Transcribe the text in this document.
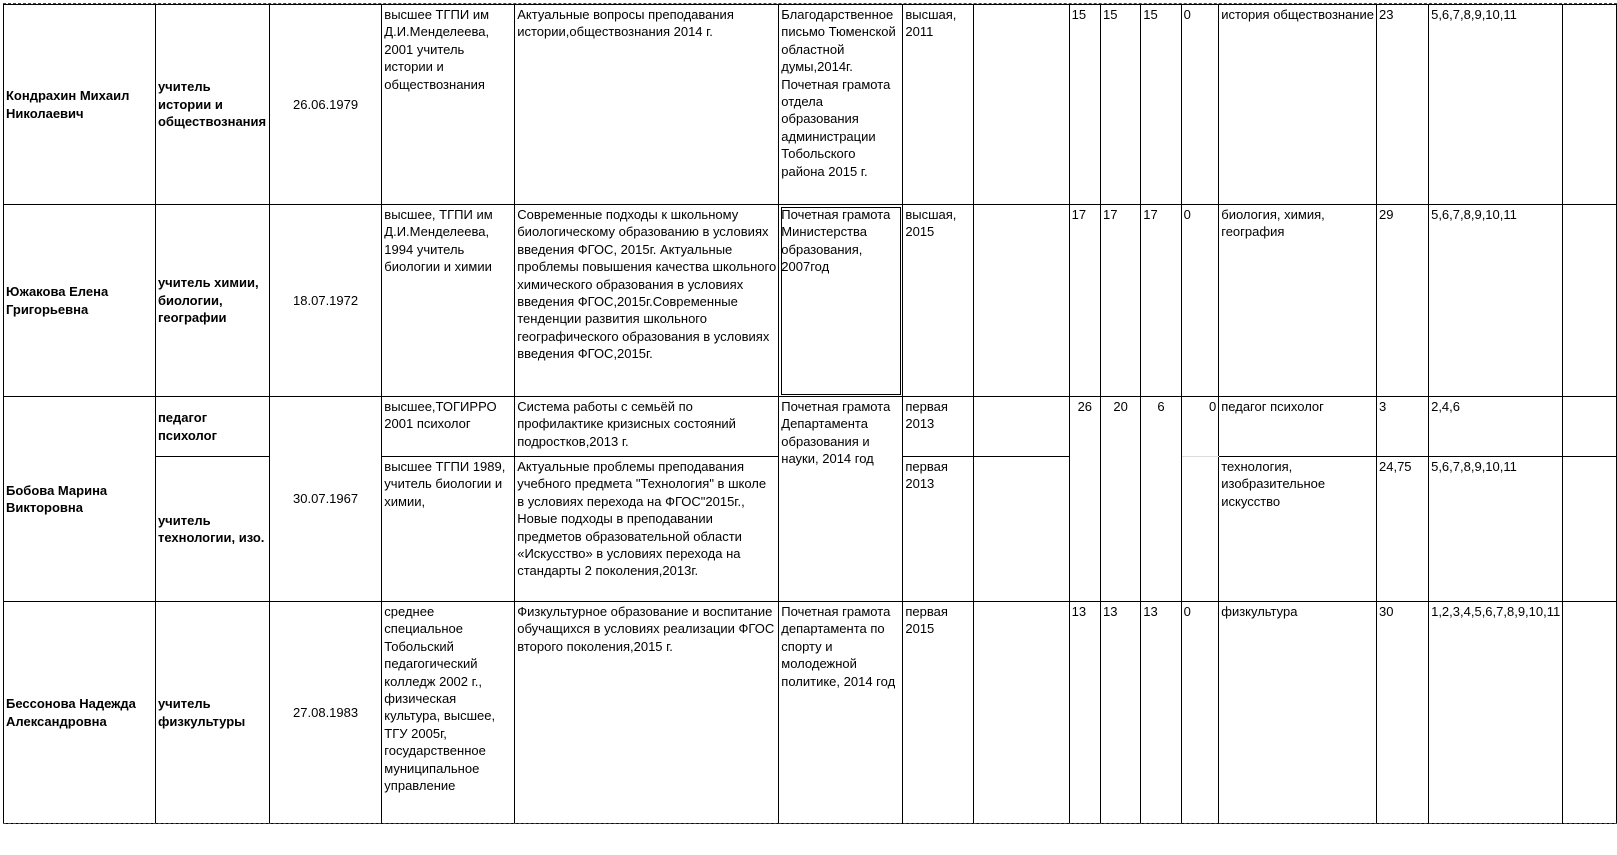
Кондрахин Михаил Николаевич	учитель истории и обществознания	26.06.1979	высшее ТГПИ им Д.И.Менделеева, 2001 учитель истории и обществознания	Актуальные вопросы преподавания истории,обществознания 2014 г.	Благодарственное письмо Тюменской областной думы,2014г. Почетная грамота отдела образования администрации Тобольского района 2015 г.	высшая, 2011		15	15	15	0	история обществознание	23	5,6,7,8,9,10,11	
Южакова Елена Григорьевна	учитель химии, биологии, географии	18.07.1972	высшее, ТГПИ им Д.И.Менделеева, 1994 учитель биологии и химии	Современные подходы к школьному биологическому образованию в условиях введения ФГОС, 2015г. Актуальные проблемы повышения качества школьного химического образования в условиях введения ФГОС,2015г.Современные тенденции развития школьного географического образования в условиях введения ФГОС,2015г.	Почетная грамота Министерства образования, 2007год	высшая, 2015		17	17	17	0	биология, химия, география	29	5,6,7,8,9,10,11	
Бобова Марина Викторовна	педагог психолог	30.07.1967	высшее,ТОГИРРО 2001 психолог	Система работы с семьёй по профилактике кризисных состояний подростков,2013 г.	Почетная грамота Департамента образования и науки, 2014 год	первая 2013		26	20	6	0	педагог психолог	3	2,4,6	
	учитель технологии, изо.		высшее ТГПИ 1989, учитель биологии и химии,	Актуальные проблемы преподавания учебного предмета "Технология" в школе в условиях перехода на ФГОС"2015г., Новые подходы в преподавании предметов образовательной области «Искусство» в условиях перехода на стандарты 2 поколения,2013г.		первая 2013						технология, изобразительное искусство	24,75	5,6,7,8,9,10,11	
Бессонова Надежда Александровна	учитель физкультуры	27.08.1983	среднее специальное Тобольский педагогический колледж 2002 г., физическая культура, высшее, ТГУ 2005г, государственное муниципальное управление	Физкультурное образование и воспитание обучащихся в условиях реализации ФГОС второго поколения,2015 г.	Почетная грамота департамента по спорту и молодежной политике, 2014 год	первая 2015		13	13	13	0	физкультура	30	1,2,3,4,5,6,7,8,9,10,11	
